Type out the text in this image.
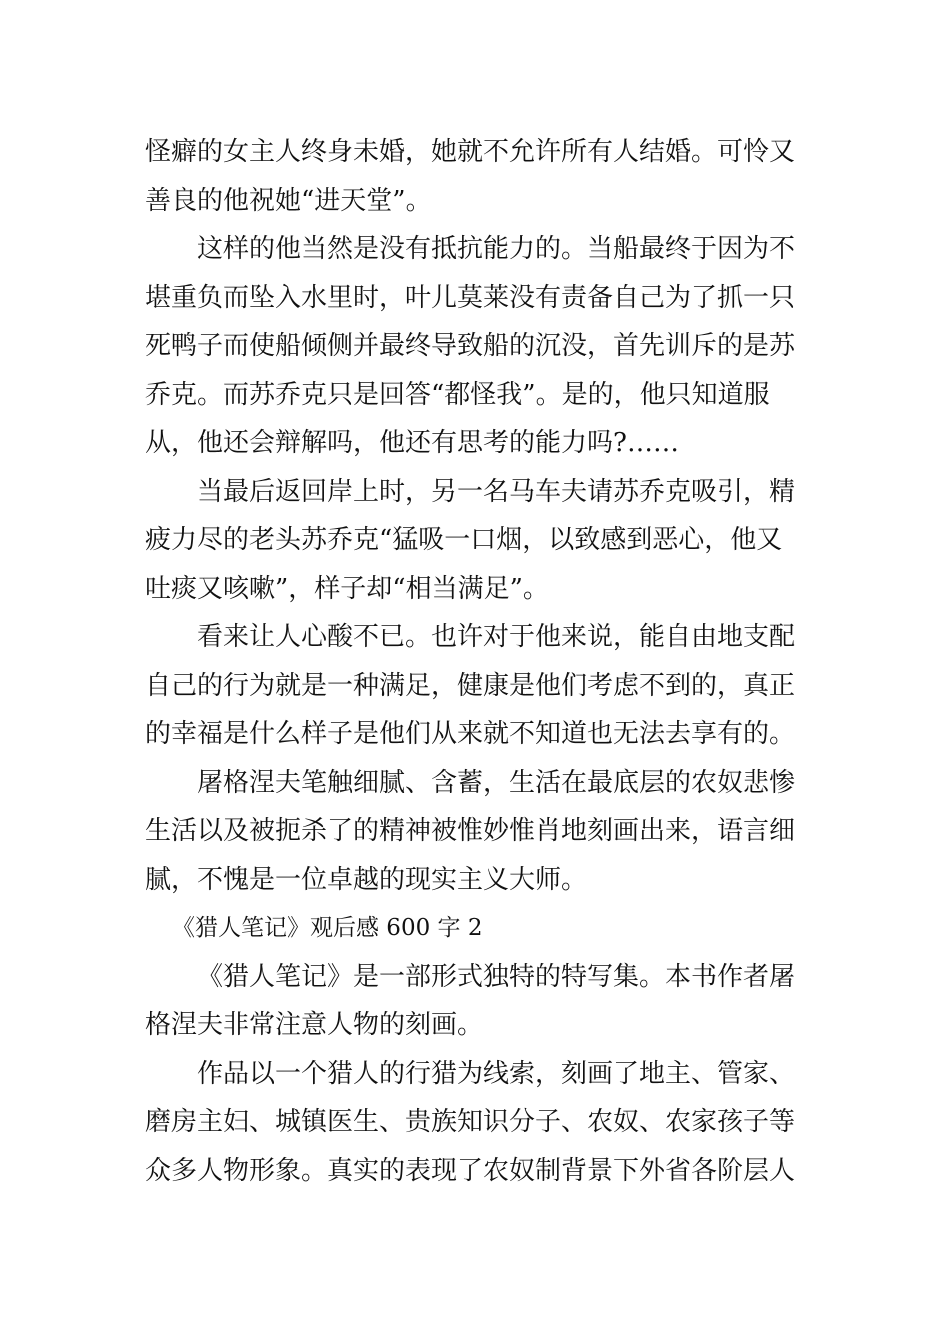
怪癖的女主人终身未婚，她就不允许所有人结婚。可怜又
善良的他祝她“进天堂”。
这样的他当然是没有抵抗能力的。当船最终于因为不
堪重负而坠入水里时，叶儿莫莱没有责备自己为了抓一只
死鸭子而使船倾侧并最终导致船的沉没，首先训斥的是苏
乔克。而苏乔克只是回答“都怪我”。是的，他只知道服
从，他还会辩解吗，他还有思考的能力吗?……
当最后返回岸上时，另一名马车夫请苏乔克吸引，精
疲力尽的老头苏乔克“猛吸一口烟，以致感到恶心，他又
吐痰又咳嗽”，样子却“相当满足”。
看来让人心酸不已。也许对于他来说，能自由地支配
自己的行为就是一种满足，健康是他们考虑不到的，真正
的幸福是什么样子是他们从来就不知道也无法去享有的。
屠格涅夫笔触细腻、含蓄，生活在最底层的农奴悲惨
生活以及被扼杀了的精神被惟妙惟肖地刻画出来，语言细
腻，不愧是一位卓越的现实主义大师。
《猎人笔记》观后感 600 字 2
《猎人笔记》是一部形式独特的特写集。本书作者屠
格涅夫非常注意人物的刻画。
作品以一个猎人的行猎为线索，刻画了地主、管家、
磨房主妇、城镇医生、贵族知识分子、农奴、农家孩子等
众多人物形象。真实的表现了农奴制背景下外省各阶层人
